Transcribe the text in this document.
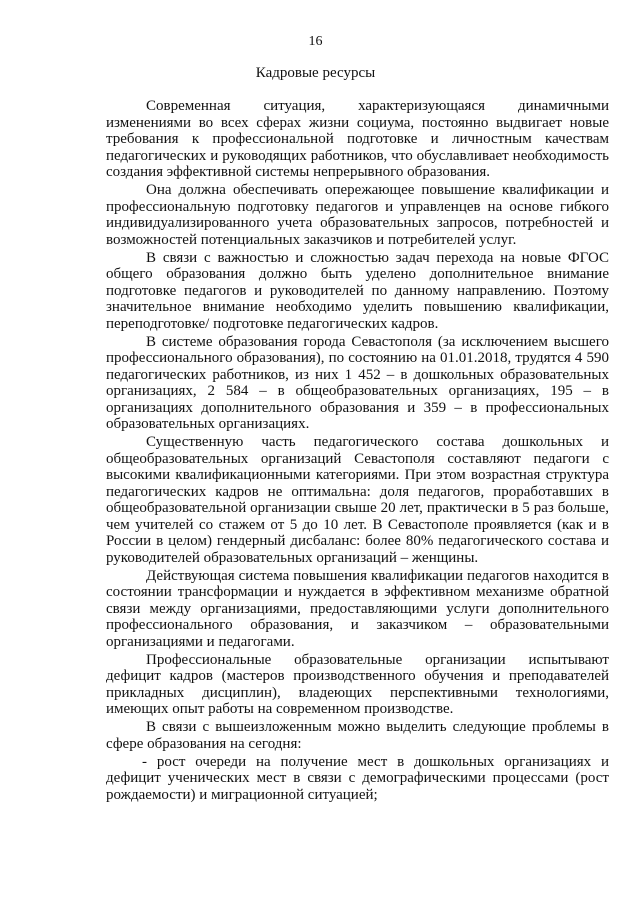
16
Кадровые ресурсы

Современная ситуация, характеризующаяся динамичными изменениями во всех сферах жизни социума, постоянно выдвигает новые требования к профессиональной подготовке и личностным качествам педагогических и руководящих работников, что обуславливает необходимость создания эффективной системы непрерывного образования.

Она должна обеспечивать опережающее повышение квалификации и профессиональную подготовку педагогов и управленцев на основе гибкого индивидуализированного учета образовательных запросов, потребностей и возможностей потенциальных заказчиков и потребителей услуг.

В связи с важностью и сложностью задач перехода на новые ФГОС общего образования должно быть уделено дополнительное внимание подготовке педагогов и руководителей по данному направлению. Поэтому значительное внимание необходимо уделить повышению квалификации, переподготовке/ подготовке педагогических кадров.

В системе образования города Севастополя (за исключением высшего профессионального образования), по состоянию на 01.01.2018, трудятся 4 590 педагогических работников, из них 1 452 – в дошкольных образовательных организациях, 2 584 – в общеобразовательных организациях, 195 – в организациях дополнительного образования и 359 – в профессиональных образовательных организациях.

Существенную часть педагогического состава дошкольных и общеобразовательных организаций Севастополя составляют педагоги с высокими квалификационными категориями. При этом возрастная структура педагогических кадров не оптимальна: доля педагогов, проработавших в общеобразовательной организации свыше 20 лет, практически в 5 раз больше, чем учителей со стажем от 5 до 10 лет. В Севастополе проявляется (как и в России в целом) гендерный дисбаланс: более 80% педагогического состава и руководителей образовательных организаций – женщины.

Действующая система повышения квалификации педагогов находится в состоянии трансформации и нуждается в эффективном механизме обратной связи между организациями, предоставляющими услуги дополнительного профессионального образования, и заказчиком – образовательными организациями и педагогами.

Профессиональные образовательные организации испытывают дефицит кадров (мастеров производственного обучения и преподавателей прикладных дисциплин), владеющих перспективными технологиями, имеющих опыт работы на современном производстве.

В связи с вышеизложенным можно выделить следующие проблемы в сфере образования на сегодня:

- рост очереди на получение мест в дошкольных организациях и дефицит ученических мест в связи с демографическими процессами (рост рождаемости) и миграционной ситуацией;
